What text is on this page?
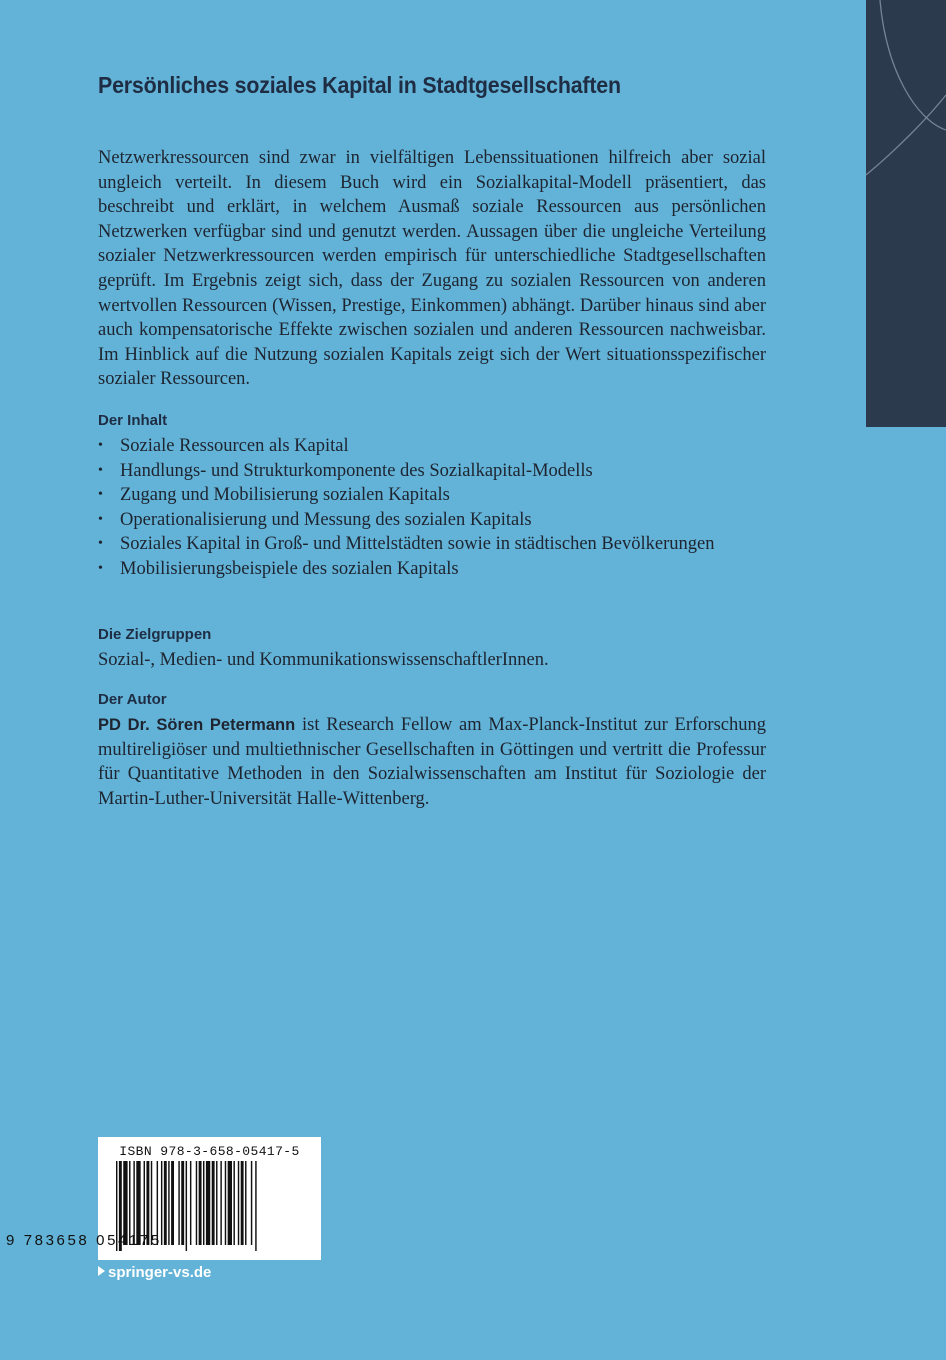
Persönliches soziales Kapital in Stadtgesellschaften

Netzwerkressourcen sind zwar in vielfältigen Lebenssituationen hilfreich aber sozial ungleich verteilt. In diesem Buch wird ein Sozialkapital-Modell präsentiert, das beschreibt und erklärt, in welchem Ausmaß soziale Ressourcen aus persönlichen Netzwerken verfügbar sind und genutzt werden. Aussagen über die ungleiche Verteilung sozialer Netzwerkressourcen werden empirisch für unterschiedliche Stadtgesellschaften geprüft. Im Ergebnis zeigt sich, dass der Zugang zu sozialen Ressourcen von anderen wertvollen Ressourcen (Wissen, Prestige, Einkommen) abhängt. Darüber hinaus sind aber auch kompensatorische Effekte zwischen sozialen und anderen Ressourcen nachweisbar. Im Hinblick auf die Nutzung sozialen Kapitals zeigt sich der Wert situationsspezifischer sozialer Ressourcen.

Der Inhalt
• Soziale Ressourcen als Kapital
• Handlungs- und Strukturkomponente des Sozialkapital-Modells
• Zugang und Mobilisierung sozialen Kapitals
• Operationalisierung und Messung des sozialen Kapitals
• Soziales Kapital in Groß- und Mittelstädten sowie in städtischen Bevölkerungen
• Mobilisierungsbeispiele des sozialen Kapitals
Die Zielgruppen

Sozial-, Medien- und KommunikationswissenschaftlerInnen.

Der Autor

PD Dr. Sören Petermann ist Research Fellow am Max-Planck-Institut zur Erforschung multireligiöser und multiethnischer Gesellschaften in Göttingen und vertritt die Professur für Quantitative Methoden in den Sozialwissenschaften am Institut für Soziologie der Martin-Luther-Universität Halle-Wittenberg.

ISBN 978-3-658-05417-5
9 783658 054175

springer-vs.de
